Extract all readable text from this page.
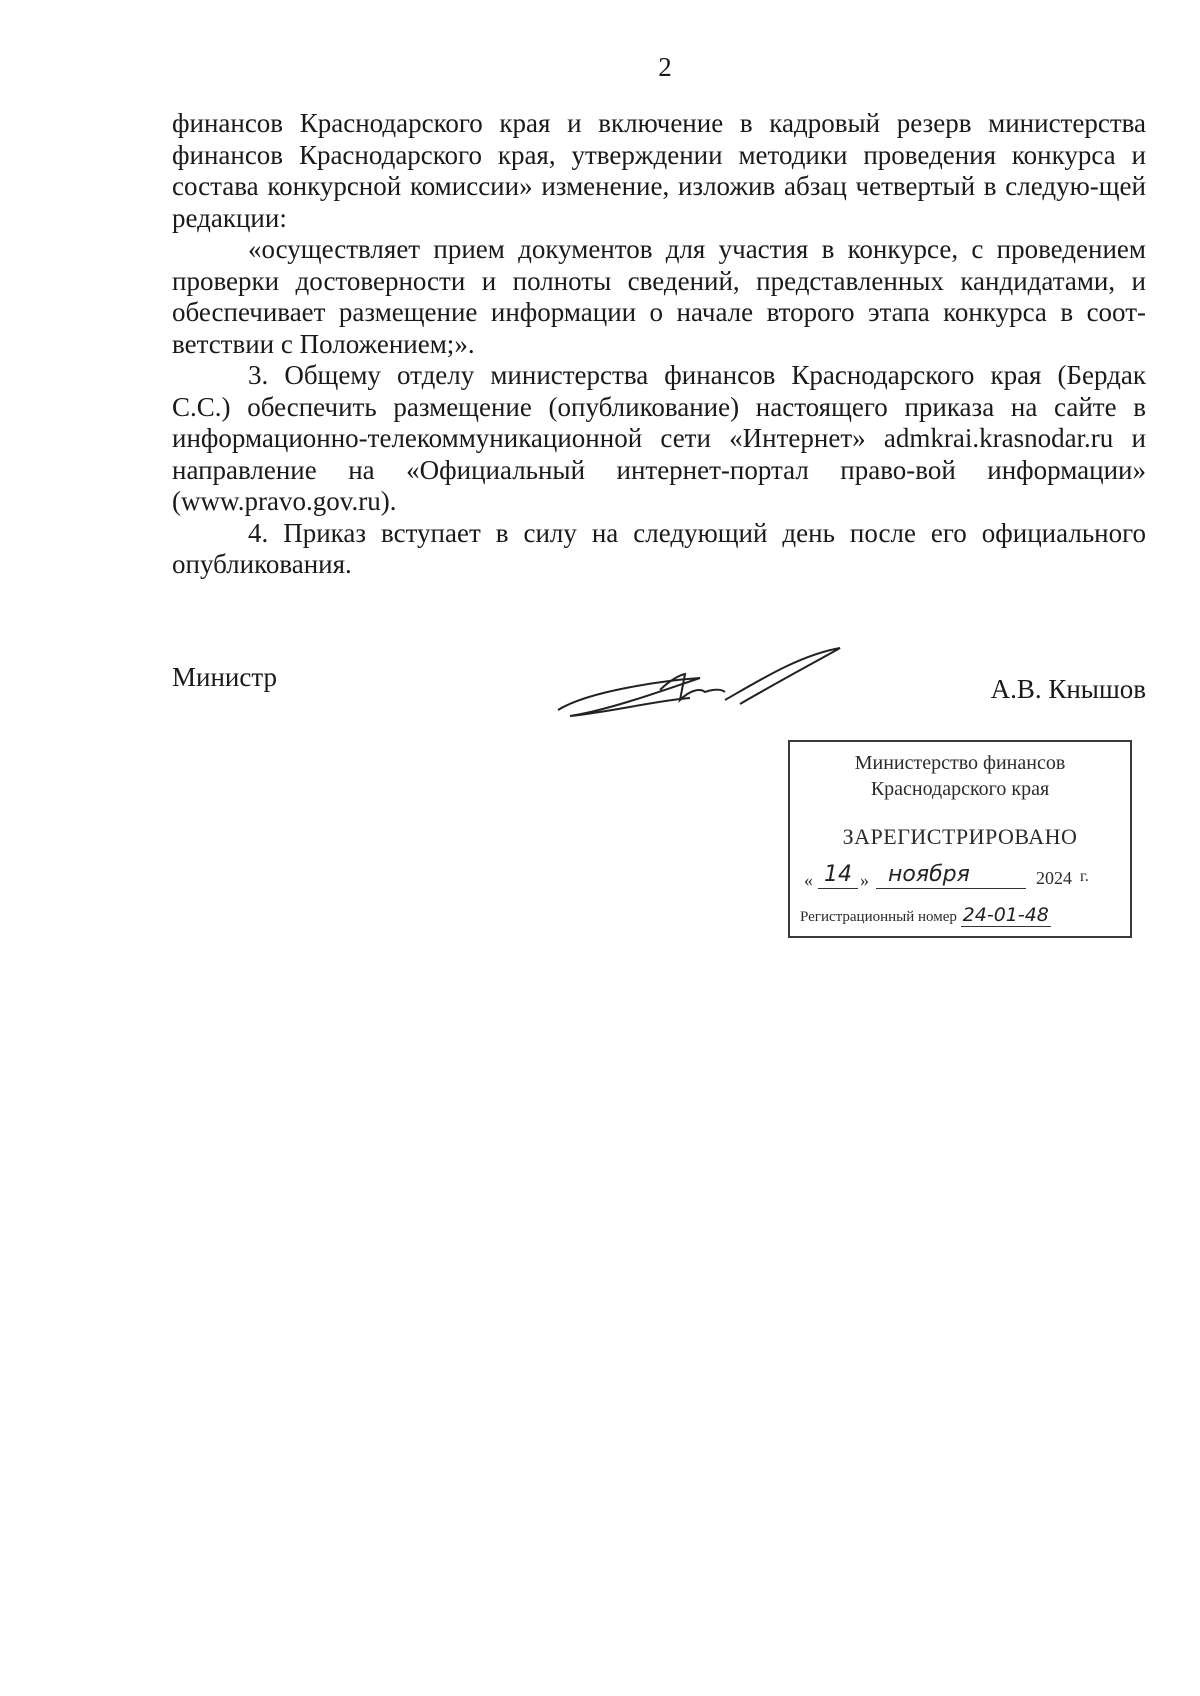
2

финансов Краснодарского края и включение в кадровый резерв министерства финансов Краснодарского края, утверждении методики проведения конкурса и состава конкурсной комиссии» изменение, изложив абзац четвертый в следую-щей редакции:

«осуществляет прием документов для участия в конкурсе, с проведением проверки достоверности и полноты сведений, представленных кандидатами, и обеспечивает размещение информации о начале второго этапа конкурса в соот-ветствии с Положением;».

3. Общему отделу министерства финансов Краснодарского края (Бердак С.С.) обеспечить размещение (опубликование) настоящего приказа на сайте в информационно-телекоммуникационной сети «Интернет» admkrai.krasnodar.ru и направление на «Официальный интернет-портал право-вой информации» (www.pravo.gov.ru).

4. Приказ вступает в силу на следующий день после его официального опубликования.

Министр	А.В. Кнышов
Министерство финансов
Краснодарского края
ЗАРЕГИСТРИРОВАНО
« 14 » ноября	2024 г.
Регистрационный номер 24-01-48
